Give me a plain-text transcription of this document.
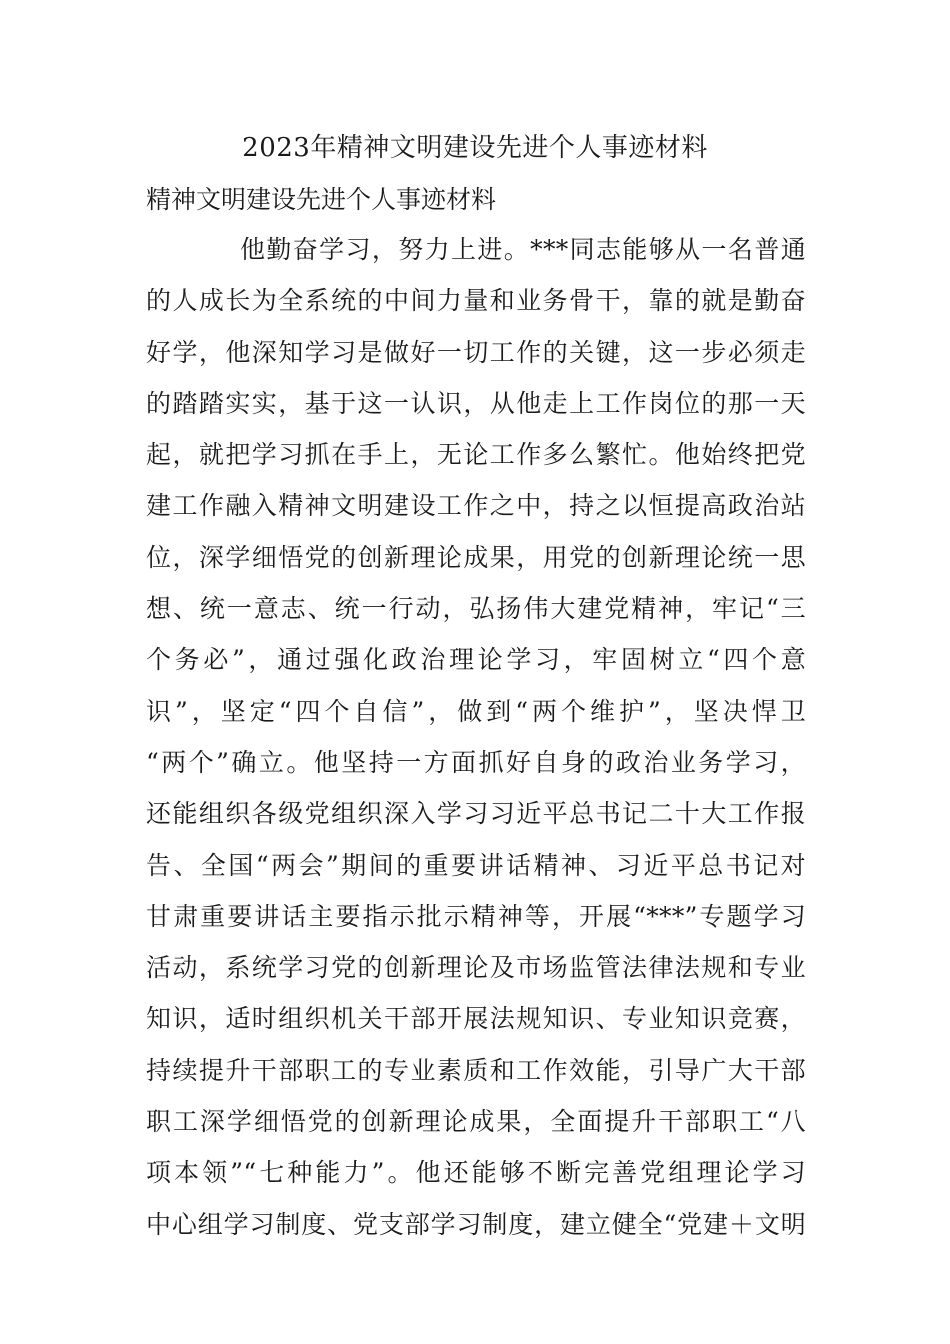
2023年精神文明建设先进个人事迹材料
精神文明建设先进个人事迹材料
他勤奋学习，努力上进。***同志能够从一名普通
的人成长为全系统的中间力量和业务骨干，靠的就是勤奋
好学，他深知学习是做好一切工作的关键，这一步必须走
的踏踏实实，基于这一认识，从他走上工作岗位的那一天
起，就把学习抓在手上，无论工作多么繁忙。他始终把党
建工作融入精神文明建设工作之中，持之以恒提高政治站
位，深学细悟党的创新理论成果，用党的创新理论统一思
想、统一意志、统一行动，弘扬伟大建党精神，牢记“三
个务必”，通过强化政治理论学习，牢固树立“四个意
识”，坚定“四个自信”，做到“两个维护”，坚决悍卫
“两个”确立。他坚持一方面抓好自身的政治业务学习，
还能组织各级党组织深入学习习近平总书记二十大工作报
告、全国“两会”期间的重要讲话精神、习近平总书记对
甘肃重要讲话主要指示批示精神等，开展“***”专题学习
活动，系统学习党的创新理论及市场监管法律法规和专业
知识，适时组织机关干部开展法规知识、专业知识竞赛，
持续提升干部职工的专业素质和工作效能，引导广大干部
职工深学细悟党的创新理论成果，全面提升干部职工“八
项本领”“七种能力”。他还能够不断完善党组理论学习
中心组学习制度、党支部学习制度，建立健全“党建＋文明
